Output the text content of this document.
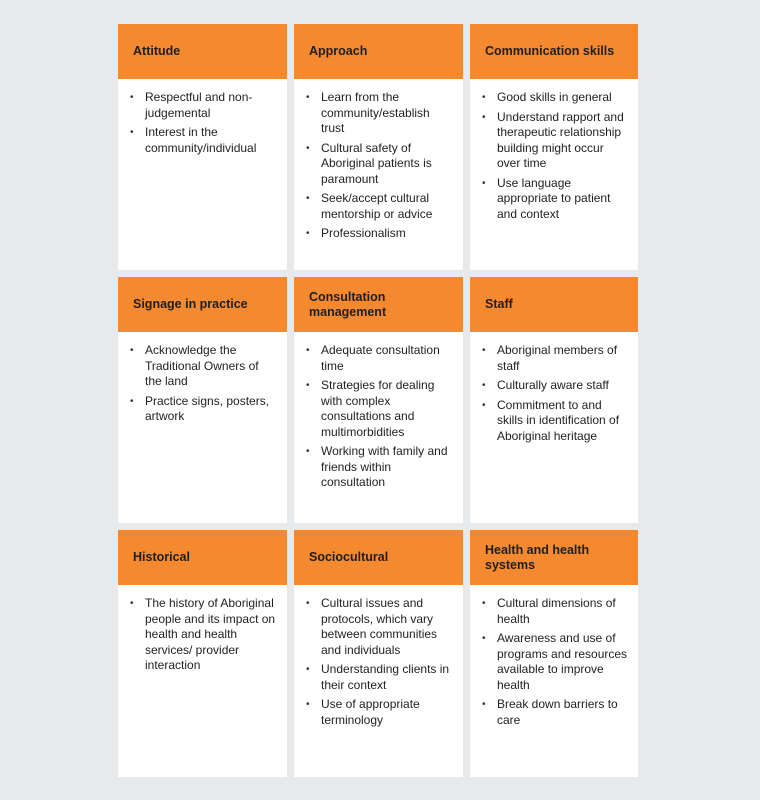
Attitude
• Respectful and non-judgemental
• Interest in the community/individual
Approach
• Learn from the community/establish trust
• Cultural safety of Aboriginal patients is paramount
• Seek/accept cultural mentorship or advice
• Professionalism
Communication skills
• Good skills in general
• Understand rapport and therapeutic relationship building might occur over time
• Use language appropriate to patient and context
Signage in practice
• Acknowledge the Traditional Owners of the land
• Practice signs, posters, artwork
Consultation management
• Adequate consultation time
• Strategies for dealing with complex consultations and multimorbidities
• Working with family and friends within consultation
Staff
• Aboriginal members of staff
• Culturally aware staff
• Commitment to and skills in identification of Aboriginal heritage
Historical
• The history of Aboriginal people and its impact on health and health services/ provider interaction
Sociocultural
• Cultural issues and protocols, which vary between communities and individuals
• Understanding clients in their context
• Use of appropriate terminology
Health and health systems
• Cultural dimensions of health
• Awareness and use of programs and resources available to improve health
• Break down barriers to care
